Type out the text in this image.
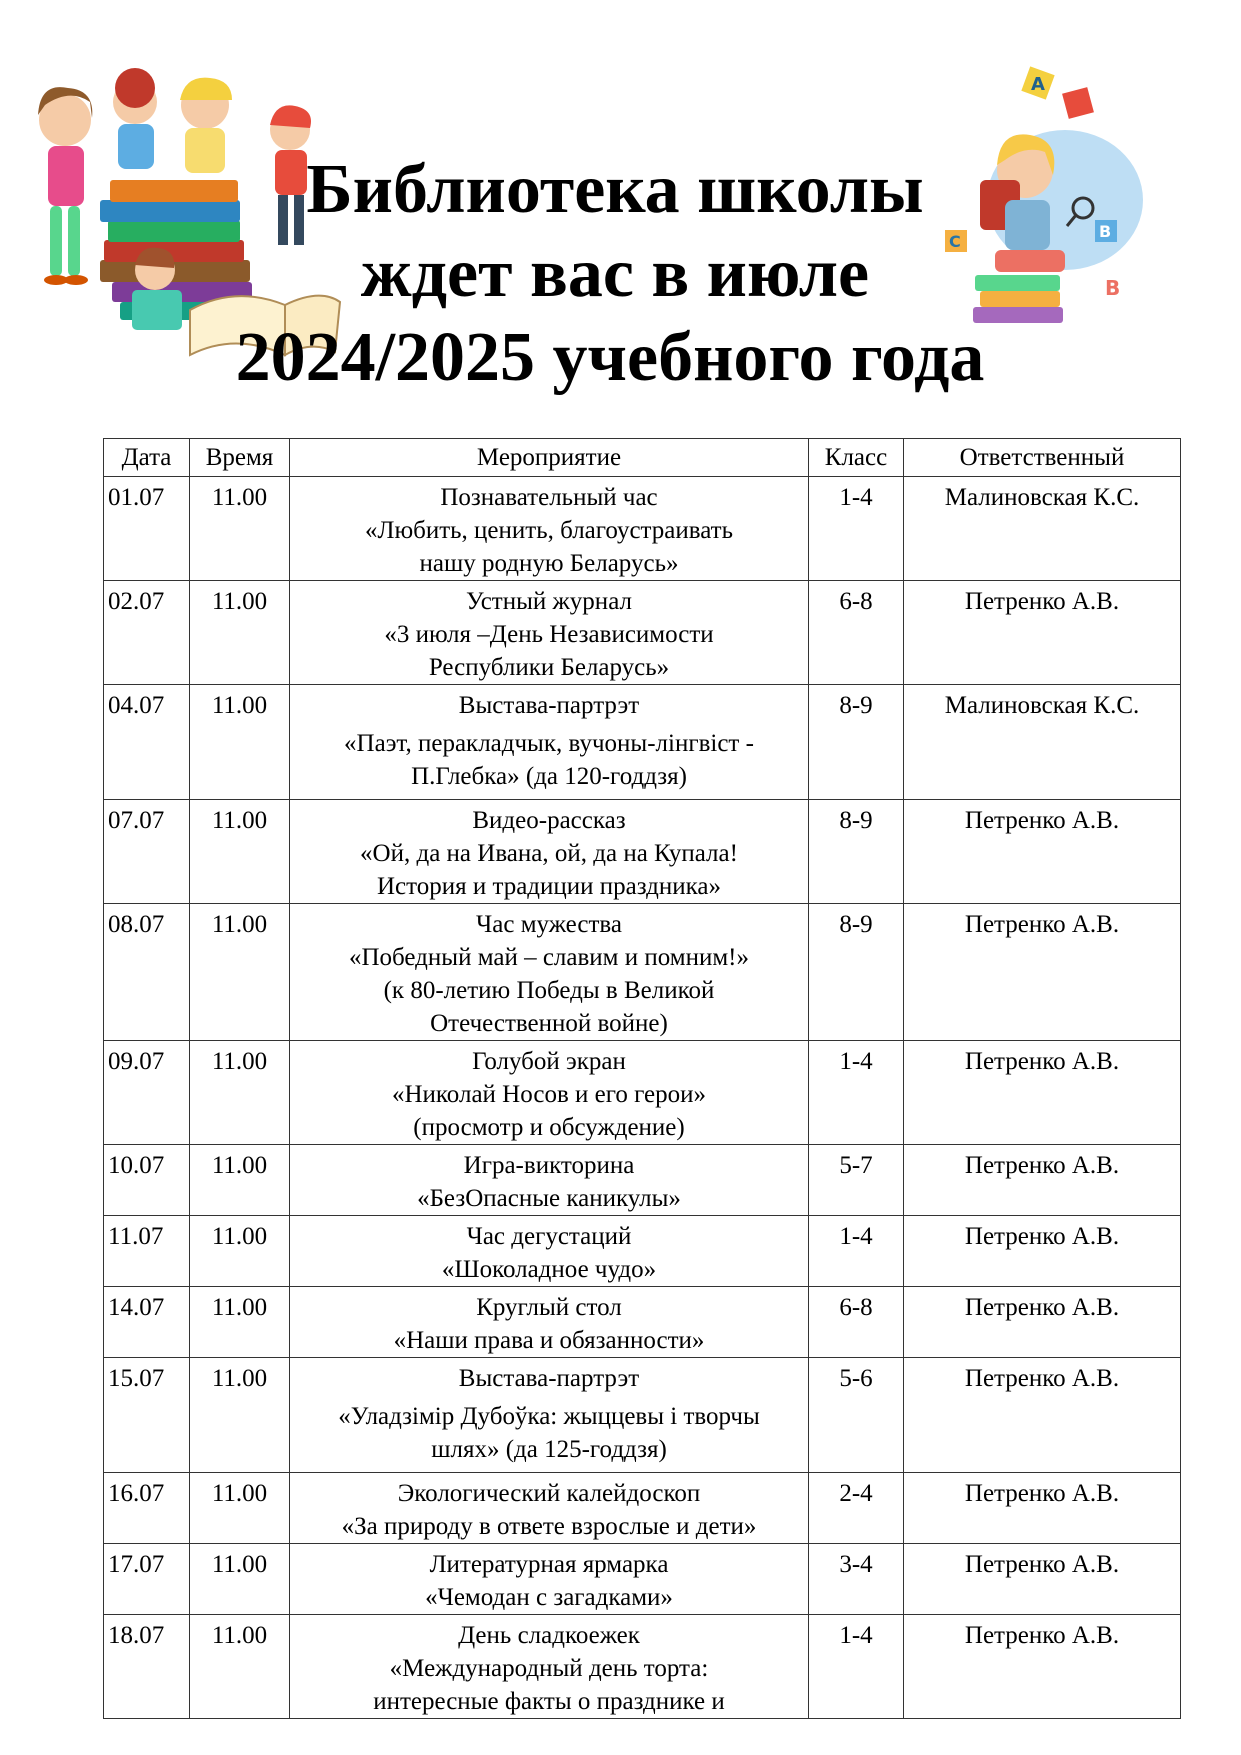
A
B
B
C
Библиотека школы
ждет вас в июле
2024/2025 учебного года
Дата	Время	Мероприятие	Класс	Ответственный
01.07	11.00	Познавательный час
«Любить, ценить, благоустраивать
нашу родную Беларусь»	1-4	Малиновская К.С.
02.07	11.00	Устный журнал
«3 июля –День Независимости
Республики Беларусь»	6-8	Петренко А.В.
04.07	11.00	Выстава-партрэт
«Паэт, перакладчык, вучоны-лінгвіст -
П.Глебка» (да 120-годдзя)	8-9	Малиновская К.С.
07.07	11.00	Видео-рассказ
«Ой, да на Ивана, ой, да на Купала!
История и традиции праздника»	8-9	Петренко А.В.
08.07	11.00	Час мужества
«Победный май – славим и помним!»
(к 80-летию Победы в Великой
Отечественной войне)	8-9	Петренко А.В.
09.07	11.00	Голубой экран
«Николай Носов и его герои»
(просмотр и обсуждение)	1-4	Петренко А.В.
10.07	11.00	Игра-викторина
«БезОпасные каникулы»	5-7	Петренко А.В.
11.07	11.00	Час дегустаций
«Шоколадное чудо»	1-4	Петренко А.В.
14.07	11.00	Круглый стол
«Наши права и обязанности»	6-8	Петренко А.В.
15.07	11.00	Выстава-партрэт
«Уладзімір Дубоўка: жыццевы і творчы
шлях» (да 125-годдзя)	5-6	Петренко А.В.
16.07	11.00	Экологический калейдоскоп
«За природу в ответе взрослые и дети»	2-4	Петренко А.В.
17.07	11.00	Литературная ярмарка
«Чемодан с загадками»	3-4	Петренко А.В.
18.07	11.00	День сладкоежек
«Международный день торта:
интересные факты о празднике и	1-4	Петренко А.В.
